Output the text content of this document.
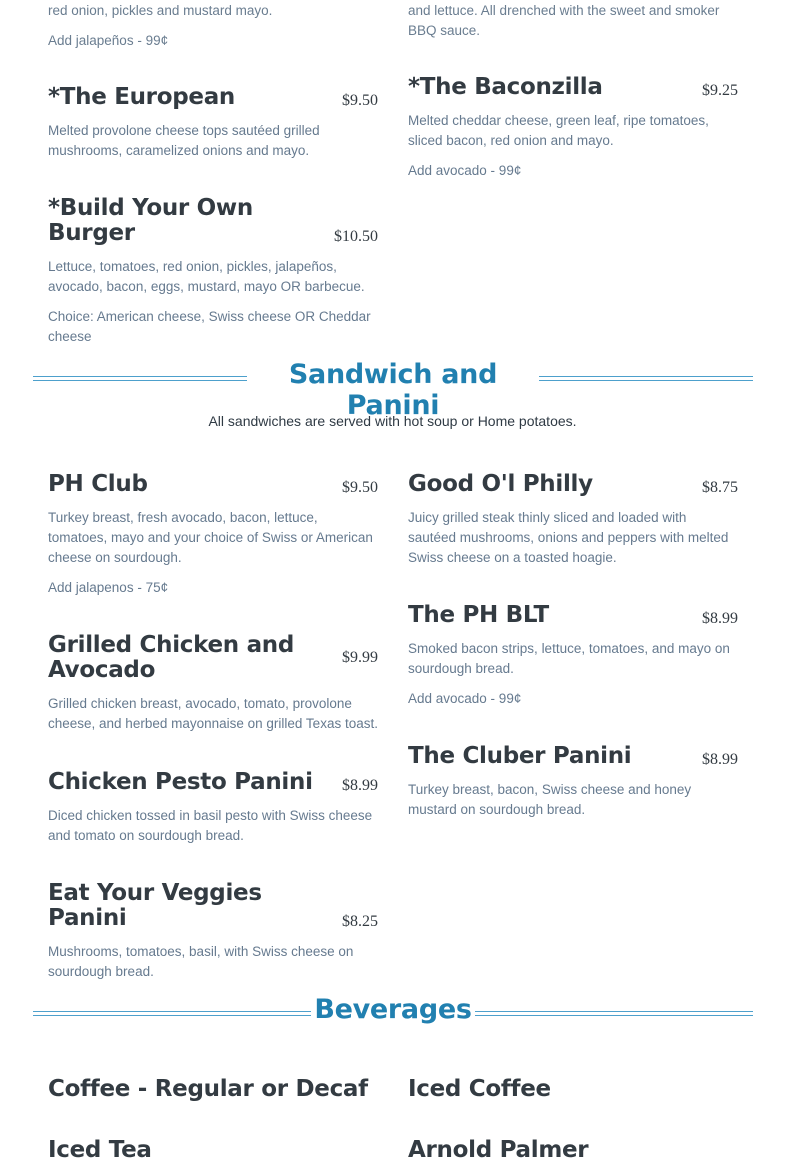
red onion, pickles and mustard mayo.
Add jalapeños - 99¢
and lettuce. All drenched with the sweet and smoker
BBQ sauce.
*The European	$9.50
Melted provolone cheese tops sautéed grilled mushrooms, caramelized onions and mayo.
*Build Your Own Burger	$10.50
Lettuce, tomatoes, red onion, pickles, jalapeños, avocado, bacon, eggs, mustard, mayo OR barbecue.
Choice: American cheese, Swiss cheese OR Cheddar cheese
*The Baconzilla	$9.25
Melted cheddar cheese, green leaf, ripe tomatoes, sliced bacon, red onion and mayo.
Add avocado - 99¢
Sandwich and Panini
All sandwiches are served with hot soup or Home potatoes.
PH Club	$9.50
Turkey breast, fresh avocado, bacon, lettuce, tomatoes, mayo and your choice of Swiss or American cheese on sourdough.
Add jalapenos - 75¢
Grilled Chicken and Avocado	$9.99
Grilled chicken breast, avocado, tomato, provolone cheese, and herbed mayonnaise on grilled Texas toast.
Chicken Pesto Panini $8.99
Diced chicken tossed in basil pesto with Swiss cheese and tomato on sourdough bread.
Eat Your Veggies Panini	$8.25
Mushrooms, tomatoes, basil, with Swiss cheese on sourdough bread.
Good O'l Philly	$8.75
Juicy grilled steak thinly sliced and loaded with sautéed mushrooms, onions and peppers with melted Swiss cheese on a toasted hoagie.
The PH BLT	$8.99
Smoked bacon strips, lettuce, tomatoes, and mayo on sourdough bread.
Add avocado - 99¢
The Cluber Panini	$8.99
Turkey breast, bacon, Swiss cheese and honey mustard on sourdough bread.
Beverages
Coffee - Regular or Decaf	Iced Coffee
Iced Tea	Arnold Palmer
